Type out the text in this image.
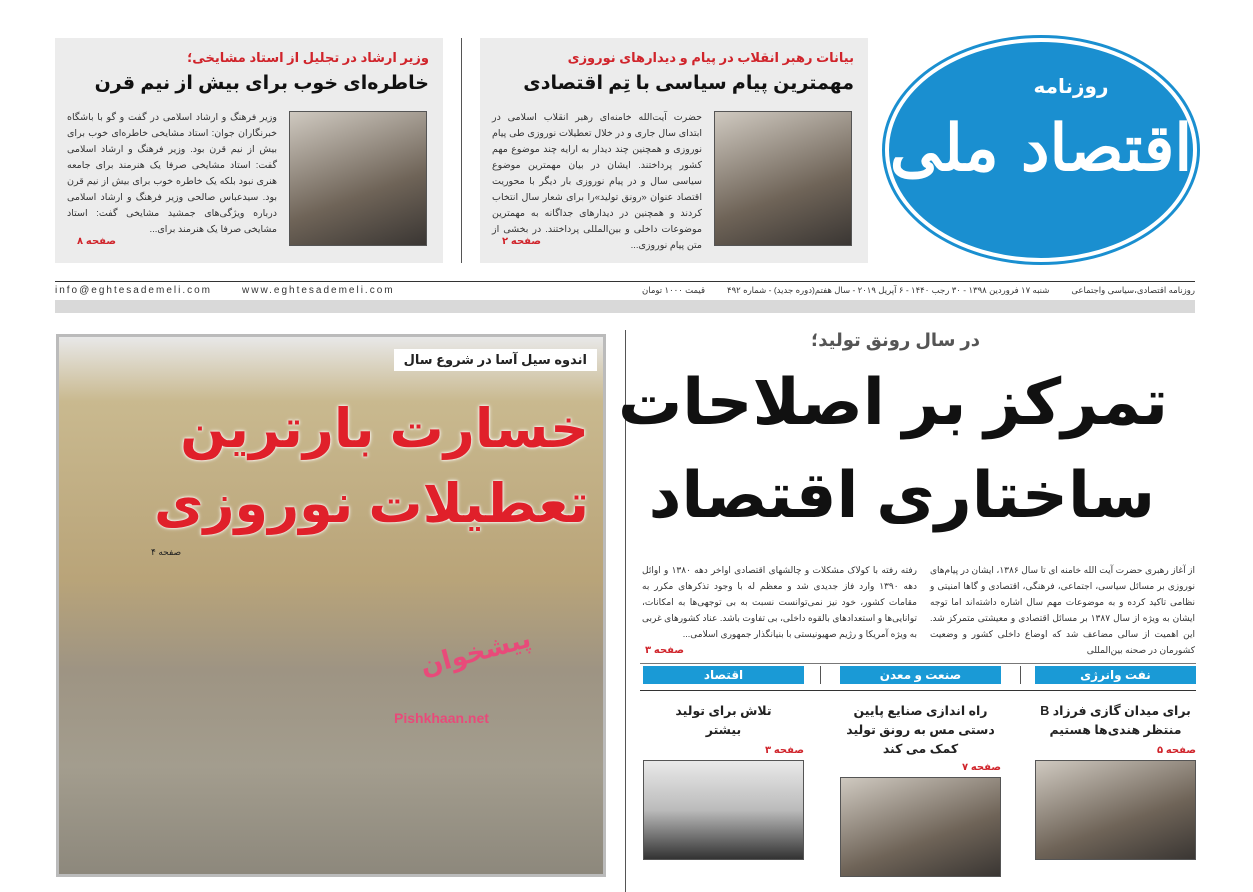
روزنامه
اقتصاد ملی
بیانات رهبر انقلاب در پیام و دیدارهای نوروزی
مهمترین پیام سیاسی با تِم اقتصادی
حضرت آیت‌الله خامنه‌ای رهبر انقلاب اسلامی در ابتدای سال جاری و در خلال تعطیلات نوروزی طی پیام نوروزی و همچنین چند دیدار به ارایه چند موضوع مهم کشور پرداختند. ایشان در بیان مهمترین موضوع سیاسی سال و در پیام نوروزی بار دیگر با محوریت اقتصاد عنوان «رونق تولید»را برای شعار سال انتخاب کردند و همچنین در دیدارهای جداگانه به مهمترین موضوعات داخلی و بین‌المللی پرداختند. در بخشی از متن پیام نوروزی...
صفحه ۲
وزیر ارشاد در تجلیل از استاد مشایخی؛
خاطره‌ای خوب برای بیش از نیم قرن
وزیر فرهنگ و ارشاد اسلامی در گفت و گو با باشگاه خبرنگاران جوان: استاد مشایخی خاطره‌ای خوب برای بیش از نیم قرن بود. وزیر فرهنگ و ارشاد اسلامی گفت: استاد مشایخی صرفا یک هنرمند برای جامعه هنری نبود بلکه یک خاطره خوب برای بیش از نیم قرن بود. سیدعباس صالحی وزیر فرهنگ و ارشاد اسلامی درباره ویژگی‌های جمشید مشایخی گفت: استاد مشایخی صرفا یک هنرمند برای...
صفحه ۸
روزنامه اقتصادی،سیاسی واجتماعی
شنبه ۱۷ فروردین ۱۳۹۸ - ۳۰ رجب ۱۴۴۰ - ۶ آپریل ۲۰۱۹ - سال هفتم(دوره جدید) - شماره ۴۹۲
قیمت ۱۰۰۰ تومان
info@eghtesademeli.com	www.eghtesademeli.com
اندوه سیل آسا در شروع سال
خسارت بارترین
تعطیلات نوروزی
صفحه ۴
پیشخوان
Pishkhaan.net
در سال رونق تولید؛
تمرکز بر اصلاحات
ساختاری اقتصاد
از آغاز رهبری حضرت آیت الله خامنه ای تا سال ۱۳۸۶، ایشان در پیام‌های نوروزی بر مسائل سیاسی، اجتماعی، فرهنگی، اقتصادی و گاها امنیتی و نظامی تاکید کرده و به موضوعات مهم سال اشاره داشته‌اند اما توجه ایشان به ویژه از سال ۱۳۸۷ بر مسائل اقتصادی و معیشتی متمرکز شد. این اهمیت از سالی مضاعف شد که اوضاع داخلی کشور و وضعیت کشورمان در صحنه بین‌المللی
رفته رفته با کولاک مشکلات و چالشهای اقتصادی اواخر دهه ۱۳۸۰ و اوائل دهه ۱۳۹۰ وارد فاز جدیدی شد و معظم له با وجود تذکرهای مکرر به مقامات کشور، خود نیز نمی‌توانست نسبت به بی توجهی‌ها به امکانات، توانایی‌ها و استعدادهای بالقوه داخلی، بی تفاوت باشد. عناد کشورهای غربی به ویژه آمریکا و رژیم صهیونیستی با بنیانگذار جمهوری اسلامی...
صفحه ۳
نفت وانرژی
برای میدان گازی فرزاد B منتظر هندی‌ها هستیم
صفحه ۵
صنعت و معدن
راه اندازی صنایع پایین دستی مس به رونق تولید کمک می کند
صفحه ۷
اقتصاد
تلاش برای تولید بیشتر
صفحه ۳
